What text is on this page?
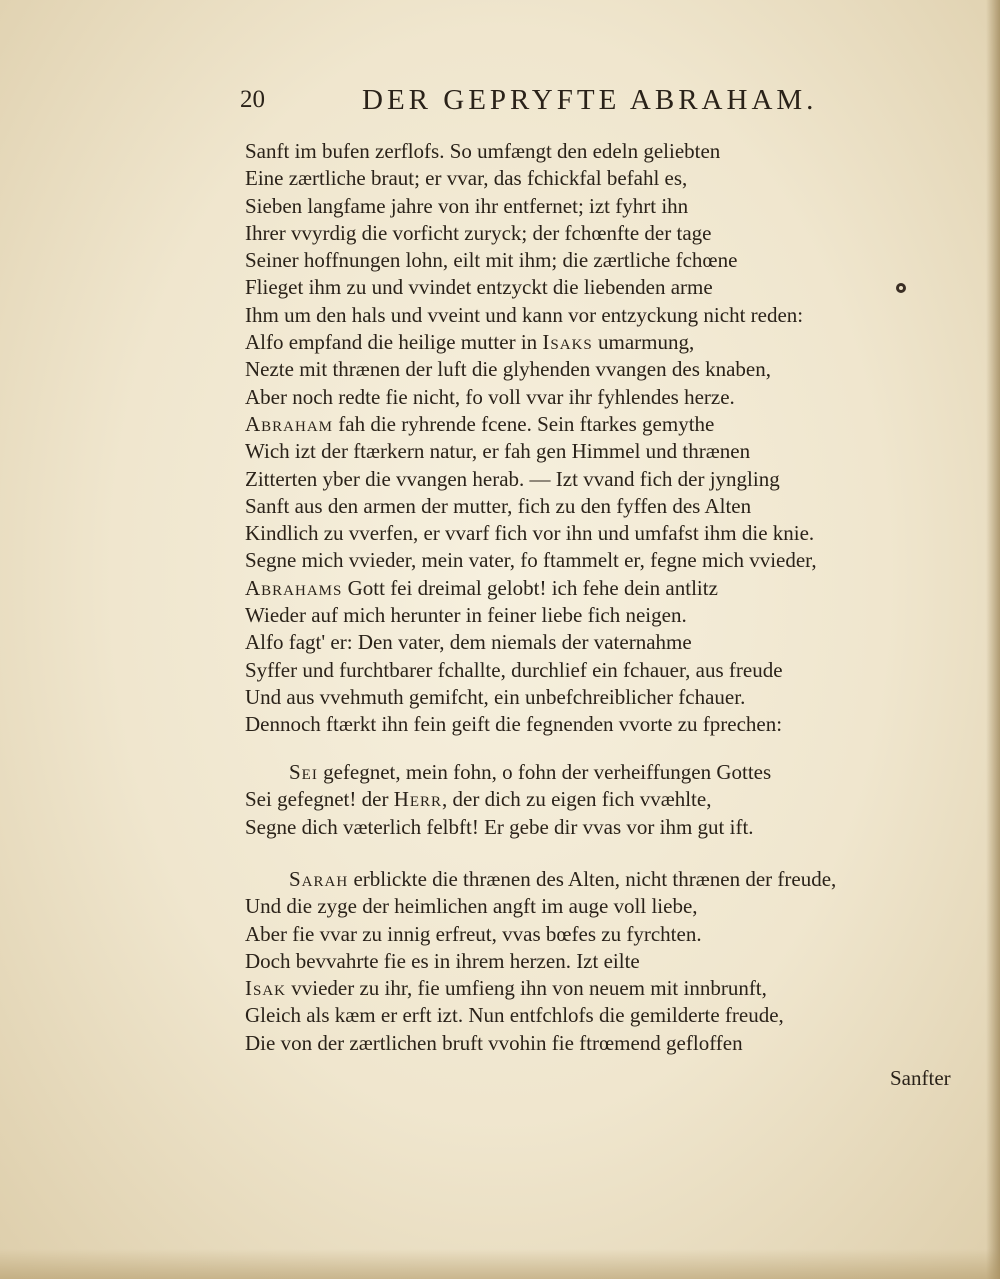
20	DER GEPRYFTE ABRAHAM.
Sanft im bufen zerflofs. So umfængt den edeln geliebten
Eine zærtliche braut; er vvar, das fchickfal befahl es,
Sieben langfame jahre von ihr entfernet; izt fyhrt ihn
Ihrer vvyrdig die vorficht zuryck; der fchœnfte der tage
Seiner hoffnungen lohn, eilt mit ihm; die zærtliche fchœne
Flieget ihm zu und vvindet entzyckt die liebenden arme
Ihm um den hals und vveint und kann vor entzyckung nicht reden:
Alfo empfand die heilige mutter in Isaks umarmung,
Nezte mit thrænen der luft die glyhenden vvangen des knaben,
Aber noch redte fie nicht, fo voll vvar ihr fyhlendes herze.
Abraham fah die ryhrende fcene. Sein ftarkes gemythe
Wich izt der ftærkern natur, er fah gen Himmel und thrænen
Zitterten yber die vvangen herab. — Izt vvand fich der jyngling
Sanft aus den armen der mutter, fich zu den fyffen des Alten
Kindlich zu vverfen, er vvarf fich vor ihn und umfafst ihm die knie.
Segne mich vvieder, mein vater, fo ftammelt er, fegne mich vvieder,
Abrahams Gott fei dreimal gelobt! ich fehe dein antlitz
Wieder auf mich herunter in feiner liebe fich neigen.
Alfo fagt' er: Den vater, dem niemals der vaternahme
Syffer und furchtbarer fchallte, durchlief ein fchauer, aus freude
Und aus vvehmuth gemifcht, ein unbefchreiblicher fchauer.
Dennoch ftærkt ihn fein geift die fegnenden vvorte zu fprechen:
Sei gefegnet, mein fohn, o fohn der verheiffungen Gottes
Sei gefegnet! der Herr, der dich zu eigen fich vvæhlte,
Segne dich væterlich felbft! Er gebe dir vvas vor ihm gut ift.
Sarah erblickte die thrænen des Alten, nicht thrænen der freude,
Und die zyge der heimlichen angft im auge voll liebe,
Aber fie vvar zu innig erfreut, vvas bœfes zu fyrchten.
Doch bevvahrte fie es in ihrem herzen. Izt eilte
Isak vvieder zu ihr, fie umfieng ihn von neuem mit innbrunft,
Gleich als kæm er erft izt. Nun entfchlofs die gemilderte freude,
Die von der zærtlichen bruft vvohin fie ftrœmend gefloffen
Sanfter
